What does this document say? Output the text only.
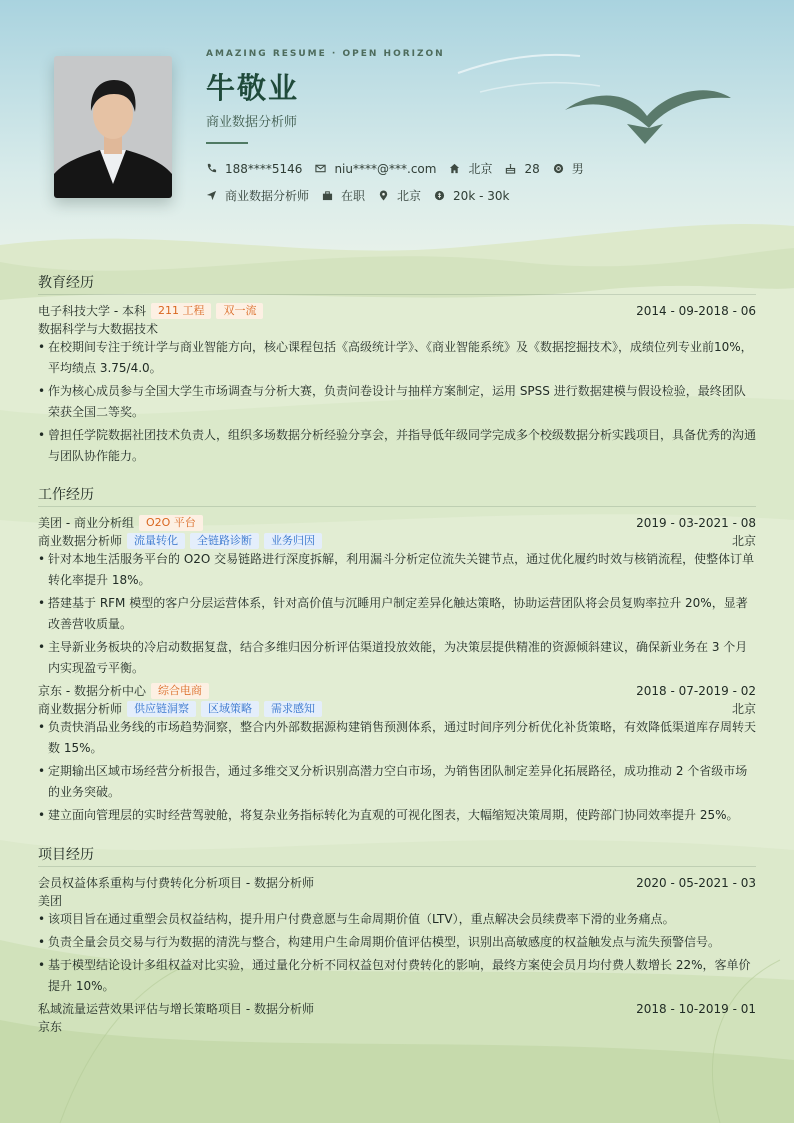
AMAZING RESUME · OPEN HORIZON
牛敬业
商业数据分析师
188****5146	niu****@***.com	北京	28	男
商业数据分析师	在职	北京	20k - 30k
教育经历
电子科技大学 - 本科	211 工程	双一流	2014 - 09-2018 - 06
数据科学与大数据技术
• 在校期间专注于统计学与商业智能方向，核心课程包括《高级统计学》、《商业智能系统》及《数据挖掘技术》，成绩位列专业前10%，平均绩点 3.75/4.0。
• 作为核心成员参与全国大学生市场调查与分析大赛，负责问卷设计与抽样方案制定，运用 SPSS 进行数据建模与假设检验，最终团队荣获全国二等奖。
• 曾担任学院数据社团技术负责人，组织多场数据分析经验分享会，并指导低年级同学完成多个校级数据分析实践项目，具备优秀的沟通与团队协作能力。
工作经历
美团 - 商业分析组	O2O 平台	2019 - 03-2021 - 08
商业数据分析师	流量转化	全链路诊断	业务归因	北京
• 针对本地生活服务平台的 O2O 交易链路进行深度拆解，利用漏斗分析定位流失关键节点，通过优化履约时效与核销流程，使整体订单转化率提升 18%。
• 搭建基于 RFM 模型的客户分层运营体系，针对高价值与沉睡用户制定差异化触达策略，协助运营团队将会员复购率拉升 20%，显著改善营收质量。
• 主导新业务板块的冷启动数据复盘，结合多维归因分析评估渠道投放效能，为决策层提供精准的资源倾斜建议，确保新业务在 3 个月内实现盈亏平衡。
京东 - 数据分析中心	综合电商	2018 - 07-2019 - 02
商业数据分析师	供应链洞察	区域策略	需求感知	北京
• 负责快消品业务线的市场趋势洞察，整合内外部数据源构建销售预测体系，通过时间序列分析优化补货策略，有效降低渠道库存周转天数 15%。
• 定期输出区域市场经营分析报告，通过多维交叉分析识别高潜力空白市场，为销售团队制定差异化拓展路径，成功推动 2 个省级市场的业务突破。
• 建立面向管理层的实时经营驾驶舱，将复杂业务指标转化为直观的可视化图表，大幅缩短决策周期，使跨部门协同效率提升 25%。
项目经历
会员权益体系重构与付费转化分析项目 - 数据分析师	2020 - 05-2021 - 03
美团
• 该项目旨在通过重塑会员权益结构，提升用户付费意愿与生命周期价值（LTV），重点解决会员续费率下滑的业务痛点。
• 负责全量会员交易与行为数据的清洗与整合，构建用户生命周期价值评估模型，识别出高敏感度的权益触发点与流失预警信号。
• 基于模型结论设计多组权益对比实验，通过量化分析不同权益包对付费转化的影响，最终方案使会员月均付费人数增长 22%，客单价提升 10%。
私域流量运营效果评估与增长策略项目 - 数据分析师	2018 - 10-2019 - 01
京东
